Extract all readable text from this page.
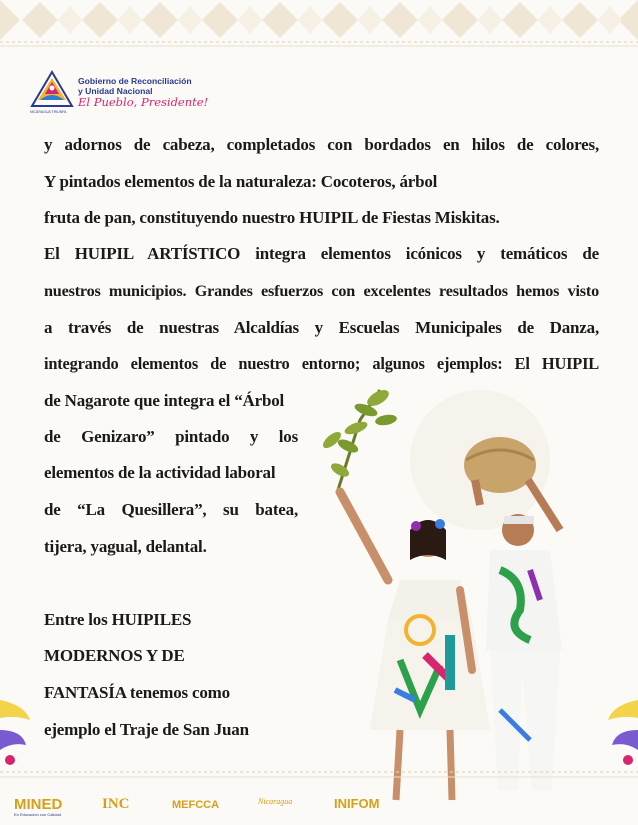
Gobierno de Reconciliación
y Unidad Nacional
El Pueblo, Presidente!
NICARAGUA TRIUNFA
y adornos de cabeza, completados con bordados en hilos de colores,
Y pintados elementos de la naturaleza: Cocoteros, árbol
fruta de pan, constituyendo nuestro HUIPIL de Fiestas Miskitas.
El HUIPIL ARTÍSTICO integra elementos icónicos y temáticos de
nuestros municipios. Grandes esfuerzos con excelentes resultados hemos visto
a través de nuestras Alcaldías y Escuelas Municipales de Danza,
integrando elementos de nuestro entorno; algunos ejemplos: El HUIPIL
de Nagarote que integra el “Árbol
de Genizaro” pintado y los
elementos de la actividad laboral
de “La Quesillera”, su batea,
tijera, yagual, delantal.
Entre los HUIPILES
MODERNOS Y DE
FANTASÍA tenemos como
ejemplo el Traje de San Juan
MINED
En Educación con Calidad
INC	MEFCCA	Nicaragua	INIFOM
